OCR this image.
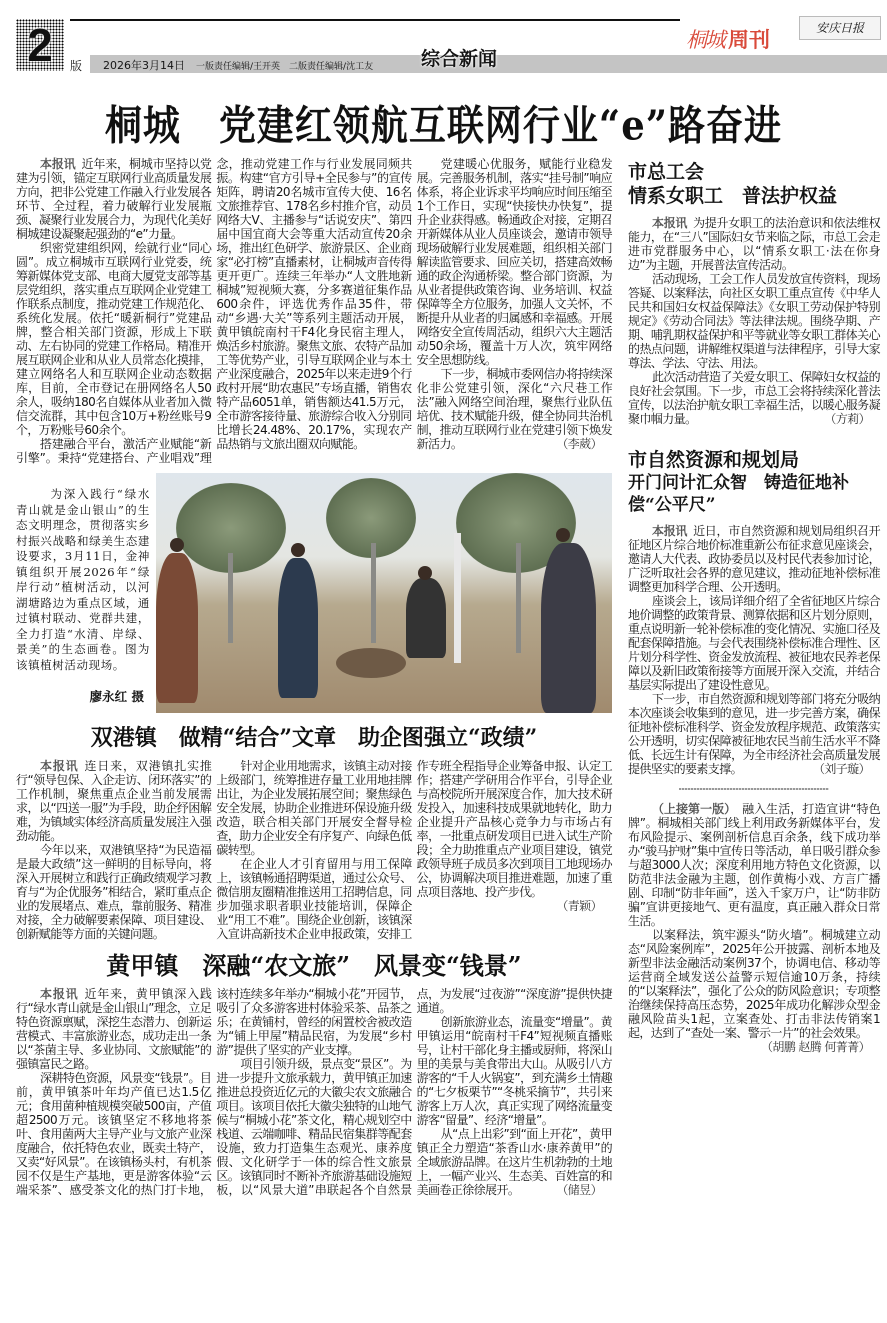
2 版 2026年3月14日 一版责任编辑/王开英　二版责任编辑/沈工友	综合新闻
桐城 周刊	安庆日报
桐城　党建红领航互联网行业“e”路奋进

本报讯 近年来，桐城市坚持以党建为引领，锚定互联网行业高质量发展方向，把非公党建工作融入行业发展各环节、全过程，着力破解行业发展瓶颈、凝聚行业发展合力，为现代化美好桐城建设凝聚起强劲的“e”力量。

织密党建组织网，绘就行业“同心圆”。成立桐城市互联网行业党委，统筹新媒体党支部、电商大厦党支部等基层党组织，落实重点互联网企业党建工作联系点制度，推动党建工作规范化、系统化发展。依托“暖新桐行”党建品牌，整合相关部门资源，形成上下联动、左右协同的党建工作格局。精准开展互联网企业和从业人员常态化摸排，建立网络名人和互联网企业动态数据库，目前，全市登记在册网络名人50余人，吸纳180名自媒体从业者加入微信交流群，其中包含10万+粉丝账号9个，万粉账号60余个。

搭建融合平台，激活产业赋能“新引擎”。秉持“党建搭台、产业唱戏”理念，推动党建工作与行业发展同频共振。构建“官方引导+全民参与”的宣传矩阵，聘请20名城市宣传大使、16名文旅推荐官、178名乡村推介官，动员网络大V、主播参与“话说安庆”、第四届中国宜商大会等重大活动宣传20余场，推出红色研学、旅游景区、企业商家“必打榜”直播素材，让桐城声音传得更开更广。连续三年举办“人文胜地新桐城”短视频大赛，分多赛道征集作品600余件，评选优秀作品35件，带动“乡遇·大关”等系列主题活动开展，黄甲镇皖南村干F4化身民宿主理人，焕活乡村旅游。聚焦文旅、农特产品加工等优势产业，引导互联网企业与本土产业深度融合，2025年以来走进9个行政村开展“助农惠民”专场直播，销售农特产品6051单，销售额达41.5万元，全市游客接待量、旅游综合收入分别同比增长24.48%、20.17%，实现农产品热销与文旅出圈双向赋能。

党建暖心优服务，赋能行业稳发展。完善服务机制，落实“挂号制”响应体系，将企业诉求平均响应时间压缩至1个工作日，实现“快接快办快复”，提升企业获得感。畅通政企对接，定期召开新媒体从业人员座谈会，邀请市领导现场破解行业发展难题，组织相关部门解读监管要求、回应关切，搭建高效畅通的政企沟通桥梁。整合部门资源，为从业者提供政策咨询、业务培训、权益保障等全方位服务，加强人文关怀，不断提升从业者的归属感和幸福感。开展网络安全宣传周活动，组织六大主题活动50余场，覆盖十万人次，筑牢网络安全思想防线。

下一步，桐城市委网信办将持续深化非公党建引领，深化“六尺巷工作法”融入网络空间治理，聚焦行业队伍培优、技术赋能升级，健全协同共治机制，推动互联网行业在党建引领下焕发新活力。	（李葳）

为深入践行“绿水青山就是金山银山”的生态文明理念，贯彻落实乡村振兴战略和绿美生态建设要求，3月11日，金神镇组织开展2026年“绿岸行动”植树活动，以河湖塘路边为重点区域，通过镇村联动、党群共建，全力打造“水清、岸绿、景美”的生态画卷。图为该镇植树活动现场。
廖永红 摄
双港镇　做精“结合”文章　助企图强立“政绩”

本报讯 连日来，双港镇扎实推行“领导包保、入企走访、闭环落实”的工作机制，聚焦重点企业当前发展需求，以“四送一服”为手段，助企纾困解难，为镇域实体经济高质量发展注入强劲动能。

今年以来，双港镇坚持“为民造福是最大政绩”这一鲜明的目标导向，将深入开展树立和践行正确政绩观学习教育与“为企优服务”相结合，紧盯重点企业的发展堵点、难点，靠前服务、精准对接，全力破解要素保障、项目建设、创新赋能等方面的关键问题。

针对企业用地需求，该镇主动对接上级部门，统筹推进存量工业用地挂牌出让，为企业发展拓展空间；聚焦绿色安全发展，协助企业推进环保设施升级改造，联合相关部门开展安全督导检查，助力企业安全有序复产、向绿色低碳转型。

在企业人才引育留用与用工保障上，该镇畅通招聘渠道，通过公众号、微信朋友圈精准推送用工招聘信息，同步加强求职者职业技能培训，保障企业“用工不难”。围绕企业创新，该镇深入宣讲高新技术企业申报政策，安排工作专班全程指导企业筹备申报、认定工作；搭建产学研用合作平台，引导企业与高校院所开展深度合作，加大技术研发投入，加速科技成果就地转化，助力企业提升产品核心竞争力与市场占有率，一批重点研发项目已进入试生产阶段；全力助推重点产业项目建设，镇党政领导班子成员多次到项目工地现场办公，协调解决项目推进难题，加速了重点项目落地、投产步伐。
（青颖）

黄甲镇　深融“农文旅”　风景变“钱景”

本报讯 近年来，黄甲镇深入践行“绿水青山就是金山银山”理念，立足特色资源禀赋，深挖生态潜力、创新运营模式、丰富旅游业态，成功走出一条以“茶菌主导、多业协同、文旅赋能”的强镇富民之路。

深耕特色资源，风景变“钱景”。目前，黄甲镇茶叶年均产值已达1.5亿元；食用菌种植规模突破500亩，产值超2500万元。该镇坚定不移地将茶叶、食用菌两大主导产业与文旅产业深度融合，依托特色农业，既卖土特产，又卖“好风景”。在该镇杨头村，有机茶园不仅是生产基地，更是游客体验“云端采茶”、感受茶文化的热门打卡地，该村连续多年举办“桐城小花”开园节，吸引了众多游客进村体验采茶、品茶之乐；在黄铺村，曾经的闲置校舍被改造为“铺上甲屋”精品民宿，为发展“乡村游”提供了坚实的产业支撑。

项目引领升级，景点变“景区”。为进一步提升文旅承载力，黄甲镇正加速推进总投资近亿元的大徽尖农文旅融合项目。该项目依托大徽尖独特的山地气候与“桐城小花”茶文化，精心规划空中栈道、云端咖啡、精品民宿集群等配套设施，致力打造集生态观光、康养度假、文化研学于一体的综合性文旅景区。该镇同时不断补齐旅游基础设施短板，以“风景大道”串联起各个自然景点，为发展“过夜游”“深度游”提供快捷通道。

创新旅游业态，流量变“增量”。黄甲镇运用“皖南村干F4”短视频直播账号，让村干部化身主播或厨师，将深山里的美景与美食带出大山。从吸引八方游客的“千人火锅宴”，到充满乡土情趣的“七夕板栗节”“冬桃采摘节”，共引来游客上万人次，真正实现了网络流量变游客“留量”、经济“增量”。

从“点上出彩”到“面上开花”，黄甲镇正全力塑造“茶香山水·康养黄甲”的全域旅游品牌。在这片生机勃勃的土地上，一幅产业兴、生态美、百姓富的和美画卷正徐徐展开。	（储昱）

市总工会
情系女职工　普法护权益

本报讯 为提升女职工的法治意识和依法维权能力，在“三八”国际妇女节来临之际，市总工会走进市党群服务中心，以“情系女职工·法在你身边”为主题，开展普法宣传活动。

活动现场，工会工作人员发放宣传资料，现场答疑、以案释法，向社区女职工重点宣传《中华人民共和国妇女权益保障法》《女职工劳动保护特别规定》《劳动合同法》等法律法规。围绕孕期、产期、哺乳期权益保护和平等就业等女职工群体关心的热点问题，讲解维权渠道与法律程序，引导大家尊法、学法、守法、用法。

此次活动营造了关爱女职工、保障妇女权益的良好社会氛围。下一步，市总工会将持续深化普法宣传，以法治护航女职工幸福生活，以暖心服务凝聚巾帼力量。	（方莉）

市自然资源和规划局
开门问计汇众智　铸造征地补偿“公平尺”

本报讯 近日，市自然资源和规划局组织召开征地区片综合地价标准重新公布征求意见座谈会，邀请人大代表、政协委员以及村民代表参加讨论，广泛听取社会各界的意见建议，推动征地补偿标准调整更加科学合理、公开透明。

座谈会上，该局详细介绍了全省征地区片综合地价调整的政策背景、测算依据和区片划分原则，重点说明新一轮补偿标准的变化情况、实施口径及配套保障措施。与会代表围绕补偿标准合理性、区片划分科学性、资金发放流程、被征地农民养老保障以及新旧政策衔接等方面展开深入交流，并结合基层实际提出了建设性意见。

下一步，市自然资源和规划等部门将充分吸纳本次座谈会收集到的意见，进一步完善方案，确保征地补偿标准科学、资金发放程序规范、政策落实公开透明，切实保障被征地农民当前生活水平不降低、长远生计有保障，为全市经济社会高质量发展提供坚实的要素支撑。	（刘子璇）

（上接第一版） 融入生活，打造宣讲“特色牌”。桐城相关部门线上利用政务新媒体平台，发布风险提示、案例剖析信息百余条，线下成功举办“骏马护财”集中宣传日等活动，单日吸引群众参与超3000人次；深度利用地方特色文化资源，以防范非法金融为主题，创作黄梅小戏、方言广播剧、印制“防非年画”，送入千家万户，让“防非防骗”宣讲更接地气、更有温度，真正融入群众日常生活。

以案释法，筑牢源头“防火墙”。桐城建立动态“风险案例库”，2025年公开披露、剖析本地及新型非法金融活动案例37个，协调电信、移动等运营商全域发送公益警示短信逾10万条，持续的“以案释法”，强化了公众的防风险意识；专项整治继续保持高压态势，2025年成功化解涉众型金融风险苗头1起，立案查处、打击非法传销案1起，达到了“查处一案、警示一片”的社会效果。
（胡鹏 赵腾 何菁菁）
